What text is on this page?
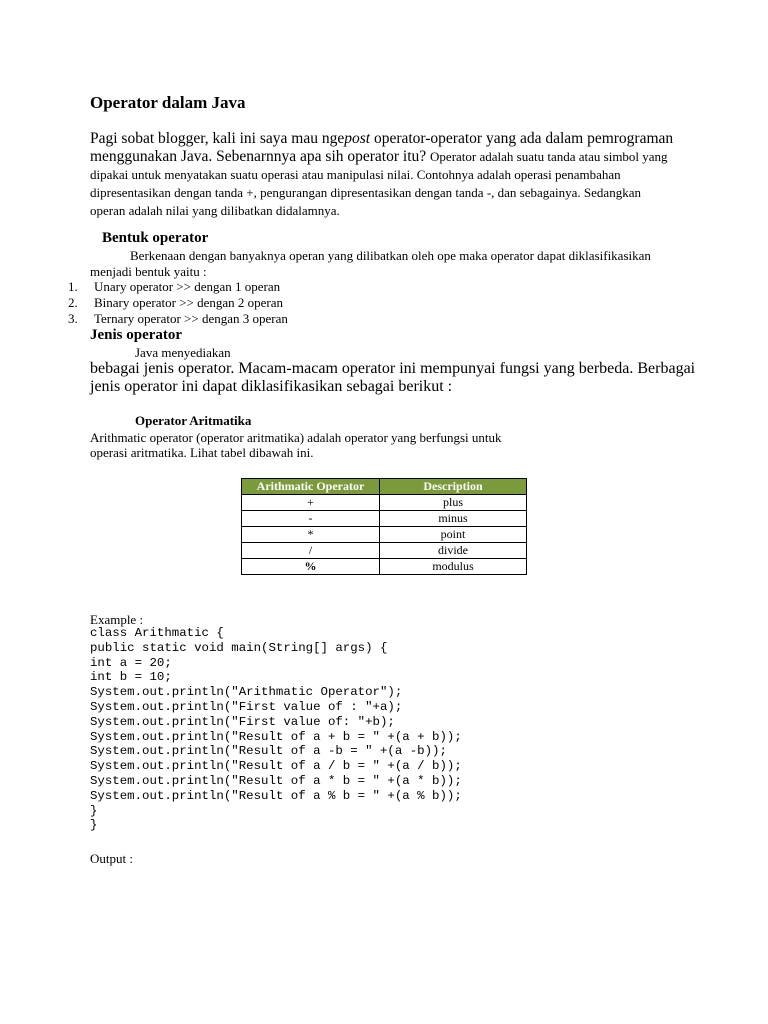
Operator dalam Java
Pagi sobat blogger, kali ini saya mau ngepost operator-operator yang ada dalam pemrograman menggunakan Java. Sebenarnnya apa sih operator itu? Operator adalah suatu tanda atau simbol yang dipakai untuk menyatakan suatu operasi atau manipulasi nilai. Contohnya adalah operasi penambahan dipresentasikan dengan tanda +, pengurangan dipresentasikan dengan tanda -, dan sebagainya. Sedangkan operan adalah nilai yang dilibatkan didalamnya.
Bentuk operator
Berkenaan dengan banyaknya operan yang dilibatkan oleh ope maka operator dapat diklasifikasikan
menjadi bentuk yaitu :
1. Unary operator >> dengan 1 operan
2. Binary operator >> dengan 2 operan
3. Ternary operator >> dengan 3 operan
Jenis operator
Java menyediakan
bebagai jenis operator. Macam-macam operator ini mempunyai fungsi yang berbeda. Berbagai
jenis operator ini dapat diklasifikasikan sebagai berikut :
Operator Aritmatika
Arithmatic operator (operator aritmatika) adalah operator yang berfungsi untuk
operasi aritmatika. Lihat tabel dibawah ini.
Arithmatic Operator	Description
+	plus
-	minus
*	point
/	divide
%	modulus
Example :
class Arithmatic {
public static void main(String[] args) {
int a = 20;
int b = 10;
System.out.println("Arithmatic Operator");
System.out.println("First value of : "+a);
System.out.println("First value of: "+b);
System.out.println("Result of a + b = " +(a + b));
System.out.println("Result of a -b = " +(a -b));
System.out.println("Result of a / b = " +(a / b));
System.out.println("Result of a * b = " +(a * b));
System.out.println("Result of a % b = " +(a % b));
}
}
Output :
